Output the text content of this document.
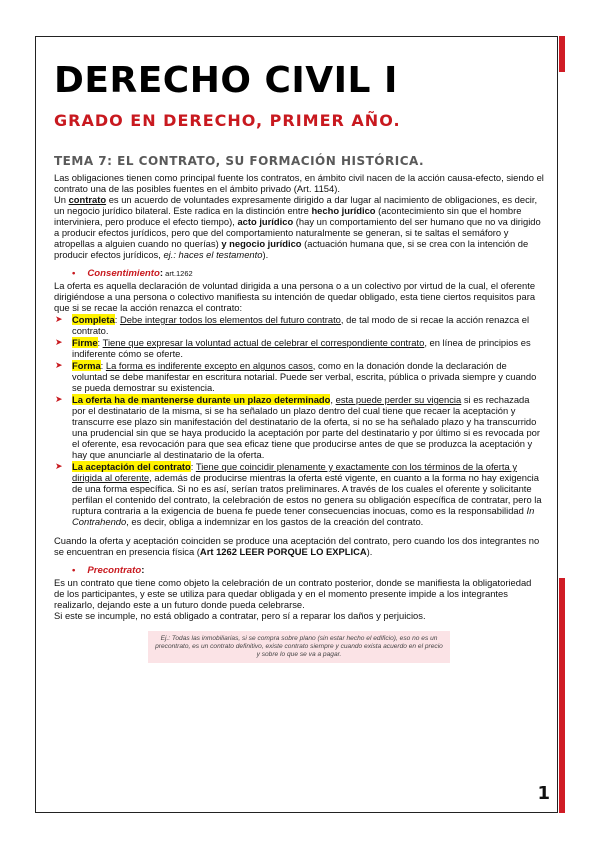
DERECHO CIVIL I
GRADO EN DERECHO, PRIMER AÑO.
TEMA 7: EL CONTRATO, SU FORMACIÓN HISTÓRICA.

Las obligaciones tienen como principal fuente los contratos, en ámbito civil nacen de la acción causa-efecto, siendo el contrato una de las posibles fuentes en el ámbito privado (Art. 1154).

Un contrato es un acuerdo de voluntades expresamente dirigido a dar lugar al nacimiento de obligaciones, es decir, un negocio jurídico bilateral. Este radica en la distinción entre hecho jurídico (acontecimiento sin que el hombre interviniera, pero produce el efecto tiempo), acto jurídico (hay un comportamiento del ser humano que no va dirigido a producir efectos jurídicos, pero que del comportamiento naturalmente se generan, si te saltas el semáforo y atropellas a alguien cuando no querías) y negocio jurídico (actuación humana que, si se crea con la intención de producir efectos jurídicos, ej.: haces el testamento).

• Consentimiento: art.1262

La oferta es aquella declaración de voluntad dirigida a una persona o a un colectivo por virtud de la cual, el oferente dirigiéndose a una persona o colectivo manifiesta su intención de quedar obligado, esta tiene ciertos requisitos para que si se recae la acción renazca el contrato:

➤ Completa: Debe integrar todos los elementos del futuro contrato, de tal modo de si recae la acción renazca el contrato.
➤ Firme: Tiene que expresar la voluntad actual de celebrar el correspondiente contrato, en línea de principios es indiferente cómo se oferte.
➤ Forma: La forma es indiferente excepto en algunos casos, como en la donación donde la declaración de voluntad se debe manifestar en escritura notarial. Puede ser verbal, escrita, pública o privada siempre y cuando se pueda demostrar su existencia.
➤ La oferta ha de mantenerse durante un plazo determinado, esta puede perder su vigencia si es rechazada por el destinatario de la misma, si se ha señalado un plazo dentro del cual tiene que recaer la aceptación y transcurre ese plazo sin manifestación del destinatario de la oferta, si no se ha señalado plazo y ha transcurrido una prudencial sin que se haya producido la aceptación por parte del destinatario y por último si es revocada por el oferente, esa revocación para que sea eficaz tiene que producirse antes de que se produzca la aceptación y hay que anunciarle al destinatario de la oferta.
➤ La aceptación del contrato: Tiene que coincidir plenamente y exactamente con los términos de la oferta y dirigida al oferente, además de producirse mientras la oferta esté vigente, en cuanto a la forma no hay exigencia de una forma específica. Si no es así, serían tratos preliminares. A través de los cuales el oferente y solicitante perfilan el contenido del contrato, la celebración de estos no genera su obligación específica de contratar, pero la ruptura contraria a la exigencia de buena fe puede tener consecuencias inocuas, como es la responsabilidad In Contrahendo, es decir, obliga a indemnizar en los gastos de la creación del contrato.

Cuando la oferta y aceptación coinciden se produce una aceptación del contrato, pero cuando los dos integrantes no se encuentran en presencia física (Art 1262 LEER PORQUE LO EXPLICA).

• Precontrato:

Es un contrato que tiene como objeto la celebración de un contrato posterior, donde se manifiesta la obligatoriedad de los participantes, y este se utiliza para quedar obligada y en el momento presente impide a los integrantes realizarlo, dejando este a un futuro donde pueda celebrarse.

Si este se incumple, no está obligado a contratar, pero sí a reparar los daños y perjuicios.

Ej.: Todas las inmobiliarias, si se compra sobre plano (sin estar hecho el edificio), eso no es un precontrato, es un contrato definitivo, existe contrato siempre y cuando exista acuerdo en el precio y sobre lo que se va a pagar.
1
